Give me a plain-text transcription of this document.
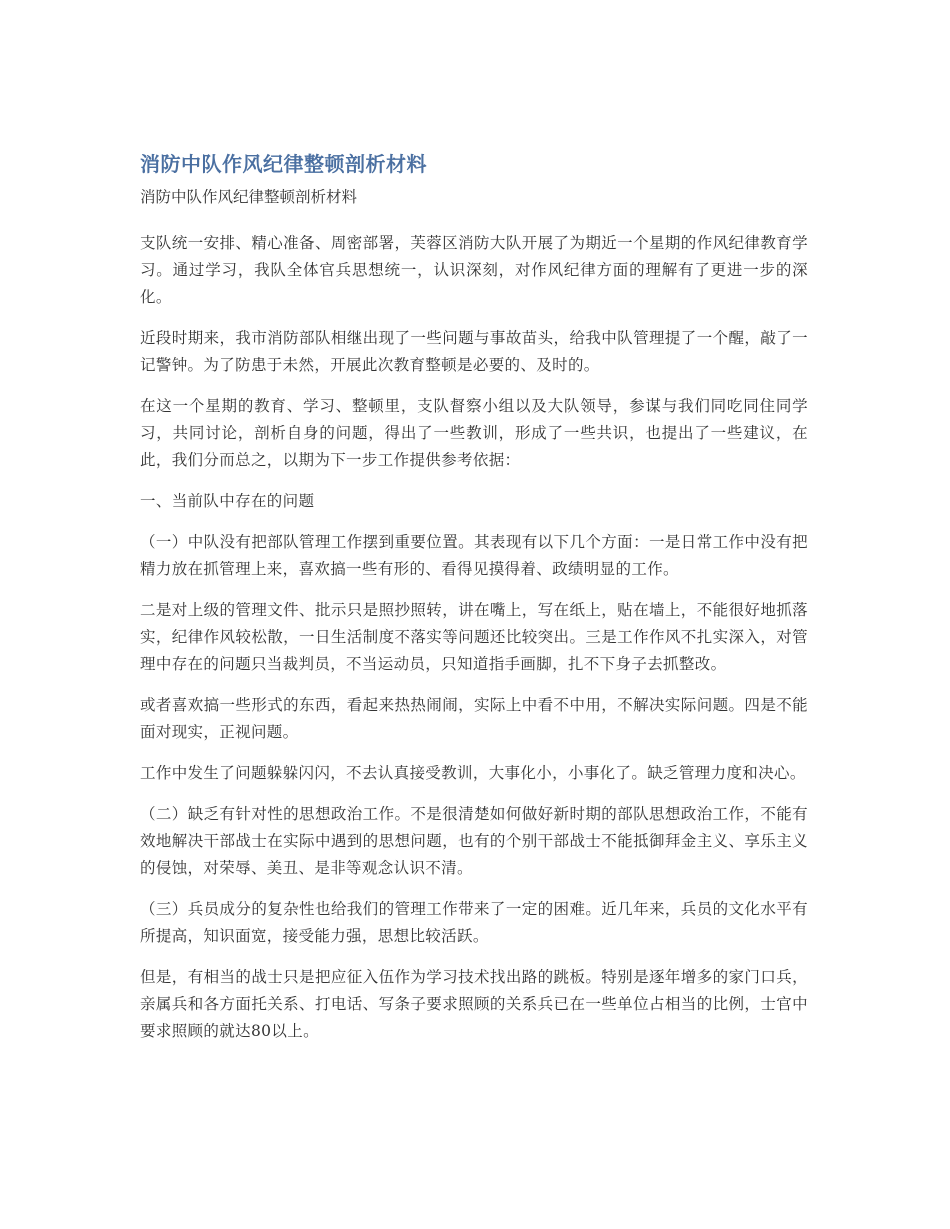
消防中队作风纪律整顿剖析材料
消防中队作风纪律整顿剖析材料

支队统一安排、精心准备、周密部署，芙蓉区消防大队开展了为期近一个星期的作风纪律教育学习。通过学习，我队全体官兵思想统一，认识深刻，对作风纪律方面的理解有了更进一步的深化。

近段时期来，我市消防部队相继出现了一些问题与事故苗头，给我中队管理提了一个醒，敲了一记警钟。为了防患于未然，开展此次教育整顿是必要的、及时的。

在这一个星期的教育、学习、整顿里，支队督察小组以及大队领导，参谋与我们同吃同住同学习，共同讨论，剖析自身的问题，得出了一些教训，形成了一些共识，也提出了一些建议，在此，我们分而总之，以期为下一步工作提供参考依据：

一、当前队中存在的问题

（一）中队没有把部队管理工作摆到重要位置。其表现有以下几个方面：一是日常工作中没有把精力放在抓管理上来，喜欢搞一些有形的、看得见摸得着、政绩明显的工作。

二是对上级的管理文件、批示只是照抄照转，讲在嘴上，写在纸上，贴在墙上，不能很好地抓落实，纪律作风较松散，一日生活制度不落实等问题还比较突出。三是工作作风不扎实深入，对管理中存在的问题只当裁判员，不当运动员，只知道指手画脚，扎不下身子去抓整改。

或者喜欢搞一些形式的东西，看起来热热闹闹，实际上中看不中用，不解决实际问题。四是不能面对现实，正视问题。

工作中发生了问题躲躲闪闪，不去认真接受教训，大事化小，小事化了。缺乏管理力度和决心。

（二）缺乏有针对性的思想政治工作。不是很清楚如何做好新时期的部队思想政治工作，不能有效地解决干部战士在实际中遇到的思想问题，也有的个别干部战士不能抵御拜金主义、享乐主义的侵蚀，对荣辱、美丑、是非等观念认识不清。

（三）兵员成分的复杂性也给我们的管理工作带来了一定的困难。近几年来，兵员的文化水平有所提高，知识面宽，接受能力强，思想比较活跃。

但是，有相当的战士只是把应征入伍作为学习技术找出路的跳板。特别是逐年增多的家门口兵，亲属兵和各方面托关系、打电话、写条子要求照顾的关系兵已在一些单位占相当的比例，士官中要求照顾的就达80以上。
